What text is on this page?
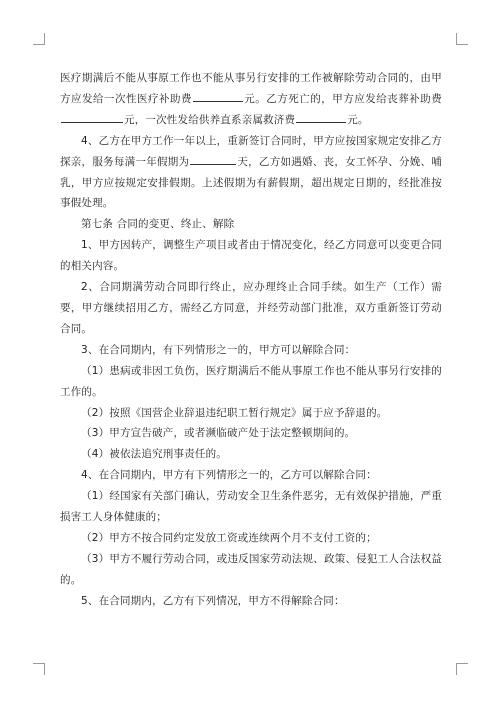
医疗期满后不能从事原工作也不能从事另行安排的工作被解除劳动合同的，由甲方应发给一次性医疗补助费	元。乙方死亡的，甲方应发给丧葬补助费元，一次性发给供养直系亲属救济费	元。

4、乙方在甲方工作一年以上，重新签订合同时，甲方应按国家规定安排乙方探亲，服务每满一年假期为	天，乙方如遇婚、丧，女工怀孕、分娩、哺乳，甲方应按规定安排假期。上述假期为有薪假期，超出规定日期的，经批准按事假处理。

第七条 合同的变更、终止、解除

1、甲方因转产，调整生产项目或者由于情况变化，经乙方同意可以变更合同的相关内容。

2、合同期满劳动合同即行终止，应办理终止合同手续。如生产（工作）需要，甲方继续招用乙方，需经乙方同意，并经劳动部门批准，双方重新签订劳动合同。

3、在合同期内，有下列情形之一的，甲方可以解除合同：

（1）患病或非因工负伤，医疗期满后不能从事原工作也不能从事另行安排的工作的。

（2）按照《国营企业辞退违纪职工暂行规定》属于应予辞退的。

（3）甲方宣告破产，或者濒临破产处于法定整顿期间的。

（4）被依法追究刑事责任的。

4、在合同期内，甲方有下列情形之一的，乙方可以解除合同：

（1）经国家有关部门确认，劳动安全卫生条件恶劣，无有效保护措施，严重损害工人身体健康的；

（2）甲方不按合同约定发放工资或连续两个月不支付工资的；

（3）甲方不履行劳动合同，或违反国家劳动法规、政策、侵犯工人合法权益的。

5、在合同期内，乙方有下列情况，甲方不得解除合同：
